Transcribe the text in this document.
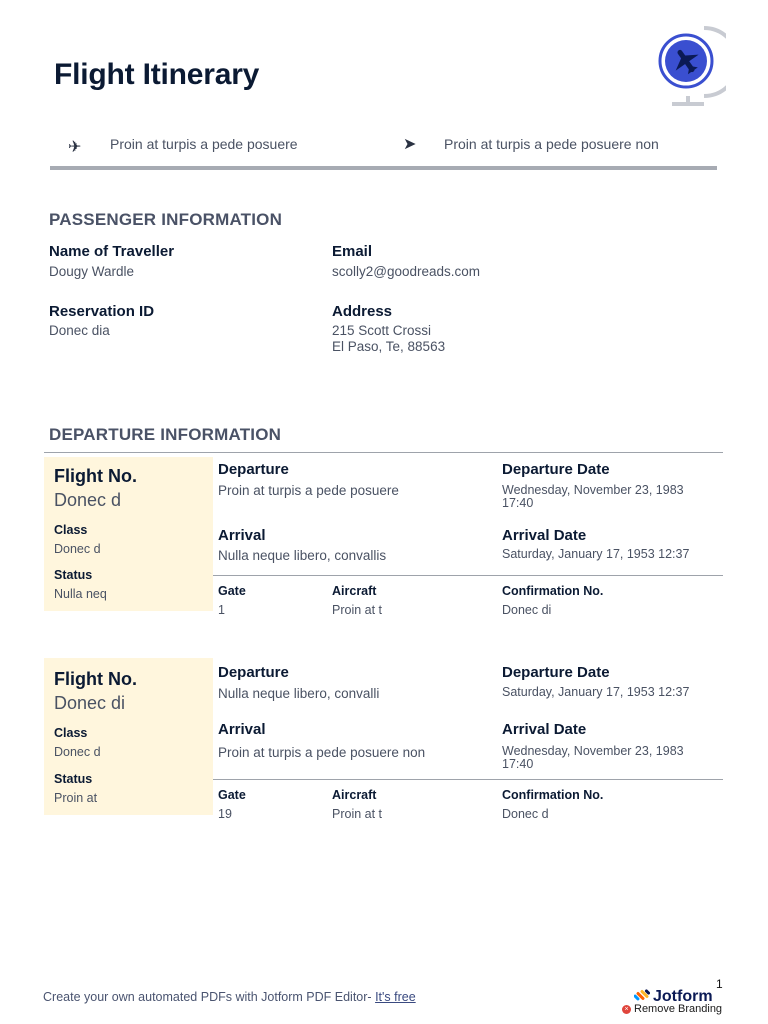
Flight Itinerary
✈ Proin at turpis a pede posuere	➤ Proin at turpis a pede posuere non
PASSENGER INFORMATION
Name of Traveller
Dougy Wardle
Email
scolly2@goodreads.com
Reservation ID
Donec dia
Address
215 Scott Crossi
El Paso, Te, 88563
DEPARTURE INFORMATION
Flight No.
Donec d
Class
Donec d
Status
Nulla neq
Departure
Proin at turpis a pede posuere
Departure Date
Wednesday, November 23, 1983
17:40
Arrival
Nulla neque libero, convallis
Arrival Date
Saturday, January 17, 1953 12:37
Gate
1
Aircraft
Proin at t
Confirmation No.
Donec di
Flight No.
Donec di
Class
Donec d
Status
Proin at
Departure
Nulla neque libero, convalli
Departure Date
Saturday, January 17, 1953 12:37
Arrival
Proin at turpis a pede posuere non
Arrival Date
Wednesday, November 23, 1983
17:40
Gate
19
Aircraft
Proin at t
Confirmation No.
Donec d
1
Create your own automated PDFs with Jotform PDF Editor- It's free	Jotform
× Remove Branding
